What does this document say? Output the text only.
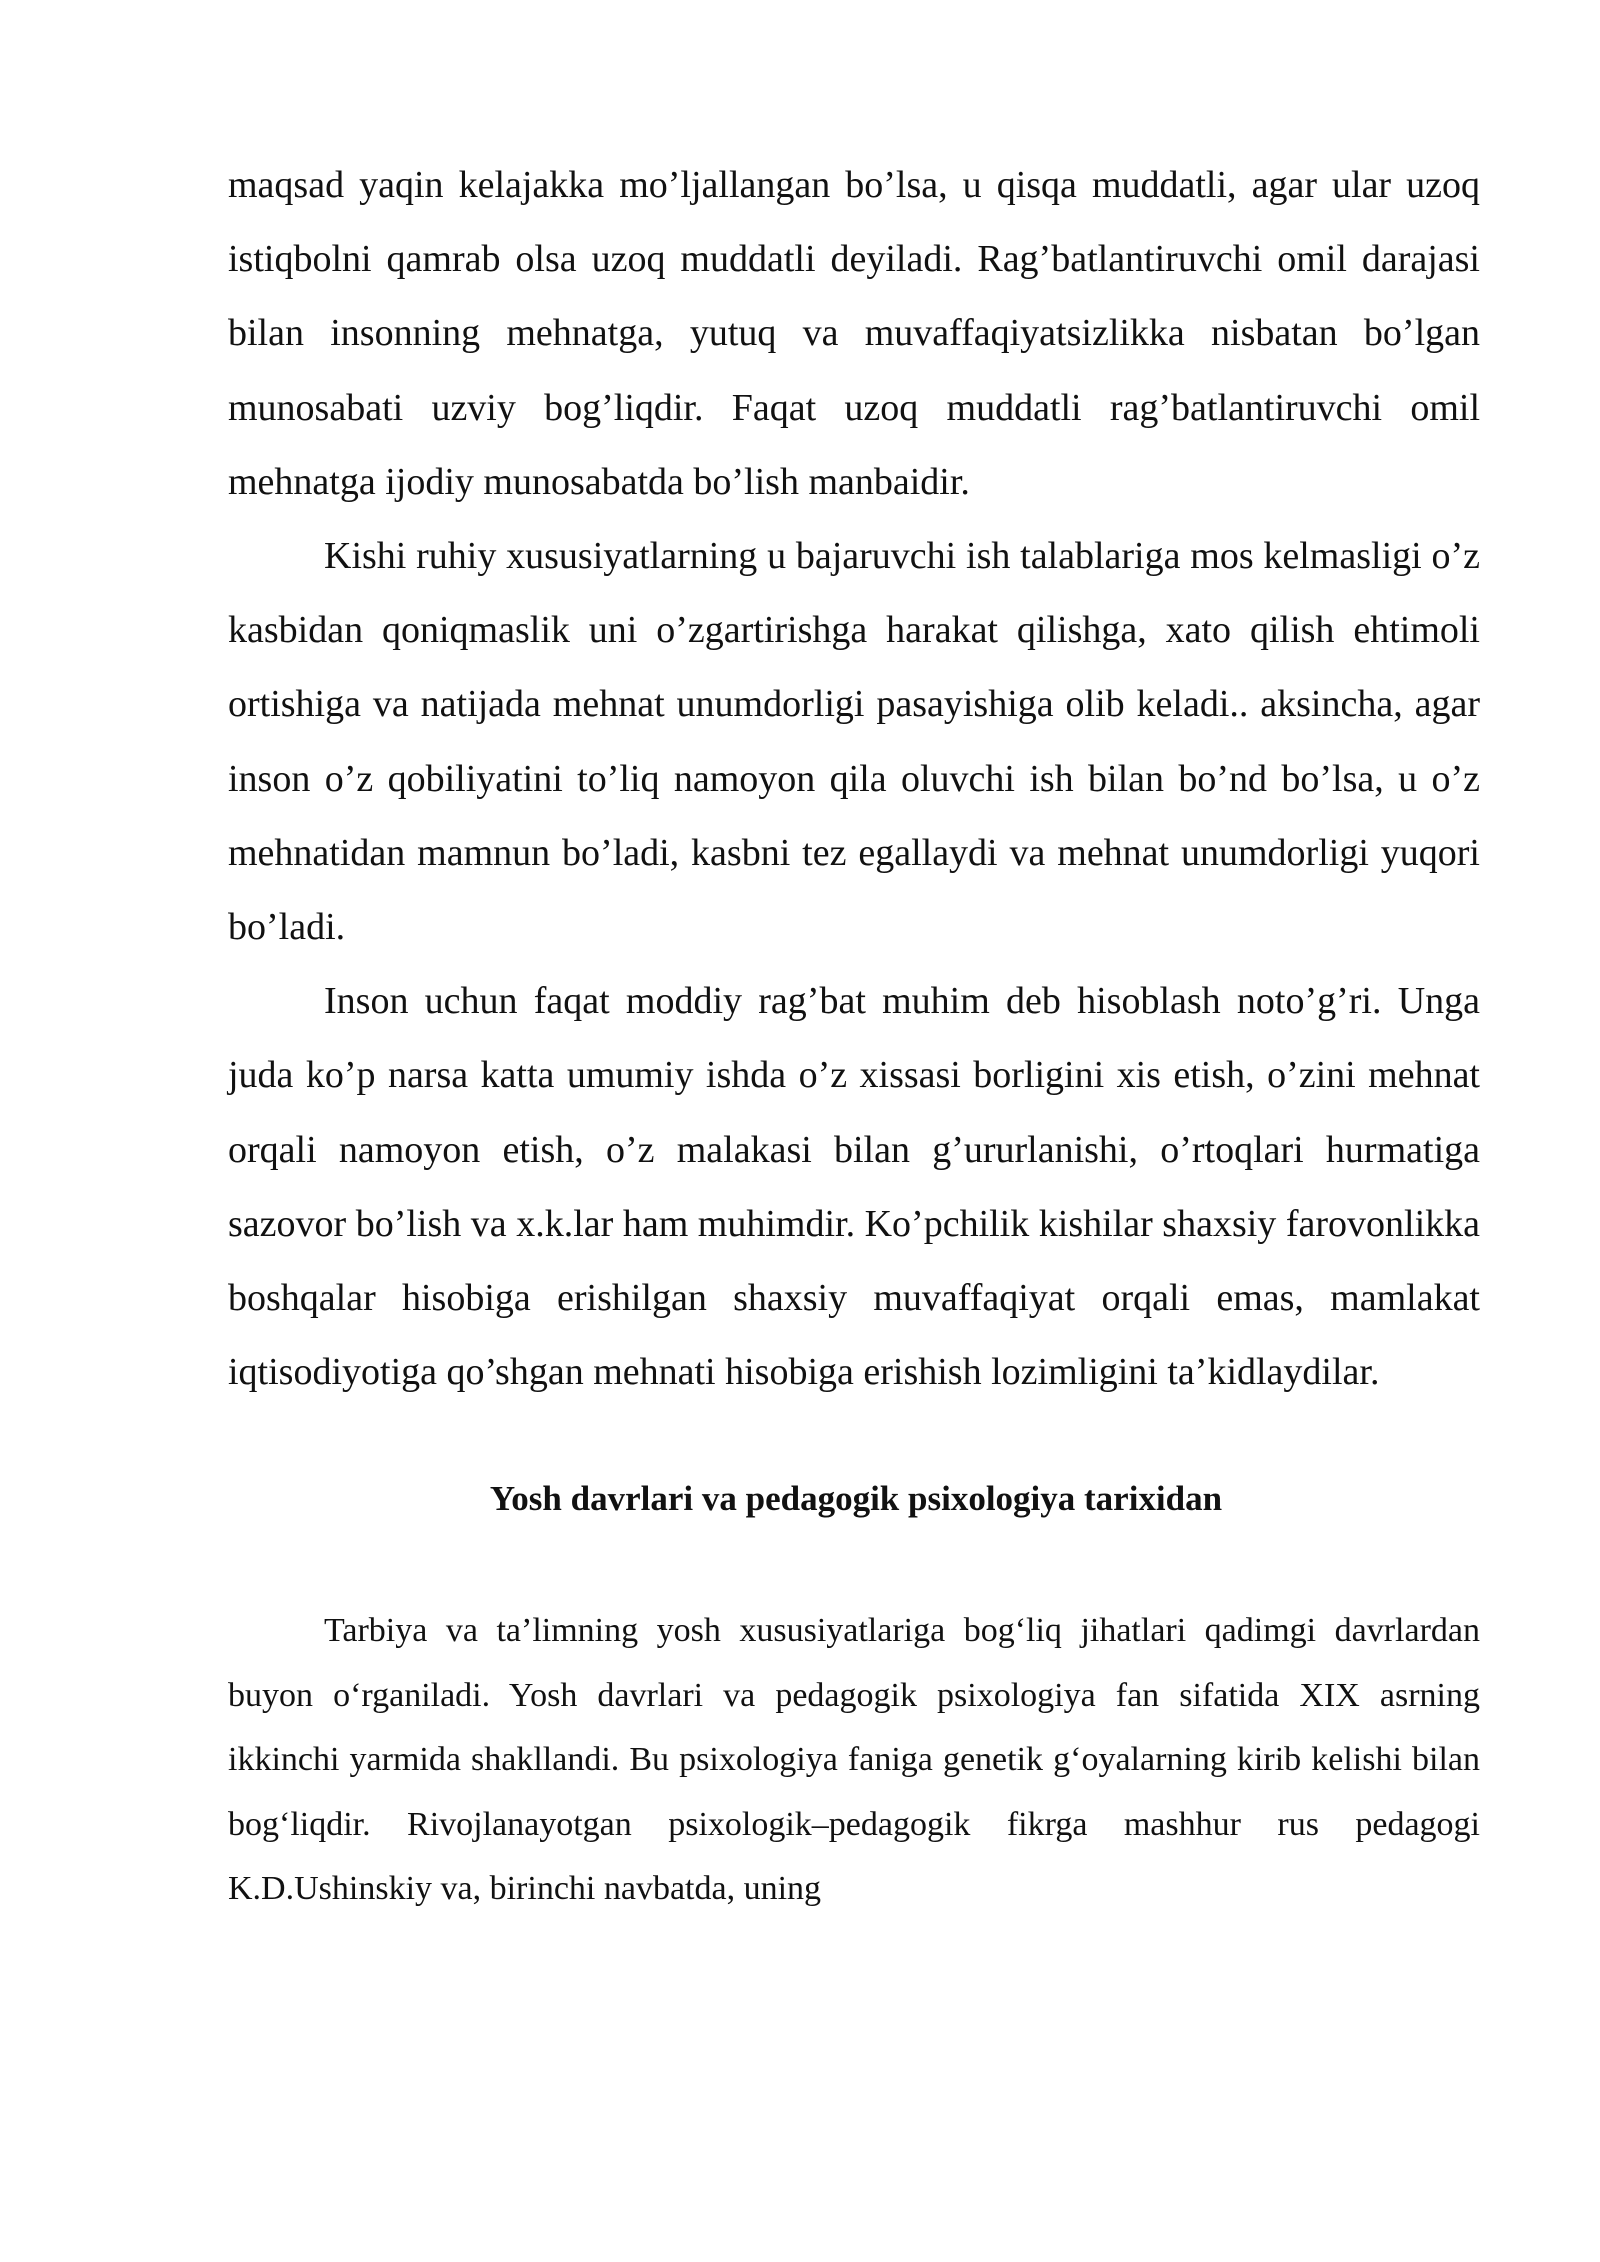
maqsad yaqin kelajakka mo’ljallangan bo’lsa, u qisqa muddatli, agar ular uzoq istiqbolni qamrab olsa uzoq muddatli deyiladi. Rag’batlantiruvchi omil darajasi bilan insonning mehnatga, yutuq va muvaffaqiyatsizlikka nisbatan bo’lgan munosabati uzviy bog’liqdir. Faqat uzoq muddatli rag’batlantiruvchi omil mehnatga ijodiy munosabatda bo’lish manbaidir.

Kishi ruhiy xususiyatlarning u bajaruvchi ish talablariga mos kelmasligi o’z kasbidan qoniqmaslik uni o’zgartirishga harakat qilishga, xato qilish ehtimoli ortishiga va natijada mehnat unumdorligi pasayishiga olib keladi.. aksincha, agar inson o’z qobiliyatini to’liq namoyon qila oluvchi ish bilan bo’nd bo’lsa, u o’z mehnatidan mamnun bo’ladi, kasbni tez egallaydi va mehnat unumdorligi yuqori bo’ladi.

Inson uchun faqat moddiy rag’bat muhim deb hisoblash noto’g’ri. Unga juda ko’p narsa katta umumiy ishda o’z xissasi borligini xis etish, o’zini mehnat orqali namoyon etish, o’z malakasi bilan g’ururlanishi, o’rtoqlari hurmatiga sazovor bo’lish va x.k.lar ham muhimdir. Ko’pchilik kishilar shaxsiy farovonlikka boshqalar hisobiga erishilgan shaxsiy muvaffaqiyat orqali emas, mamlakat iqtisodiyotiga qo’shgan mehnati hisobiga erishish lozimligini ta’kidlaydilar.

Yosh davrlari va pedagogik psixologiya tarixidan

Tarbiya va ta’limning yosh xususiyatlariga bog‘liq jihatlari qadimgi davrlardan buyon o‘rganiladi. Yosh davrlari va pedagogik psixologiya fan sifatida XIX asrning ikkinchi yarmida shakllandi. Bu psixologiya faniga genetik g‘oyalarning kirib kelishi bilan bog‘liqdir. Rivojlanayotgan psixologik–pedagogik fikrga mashhur rus pedagogi K.D.Ushinskiy va, birinchi navbatda, uning
